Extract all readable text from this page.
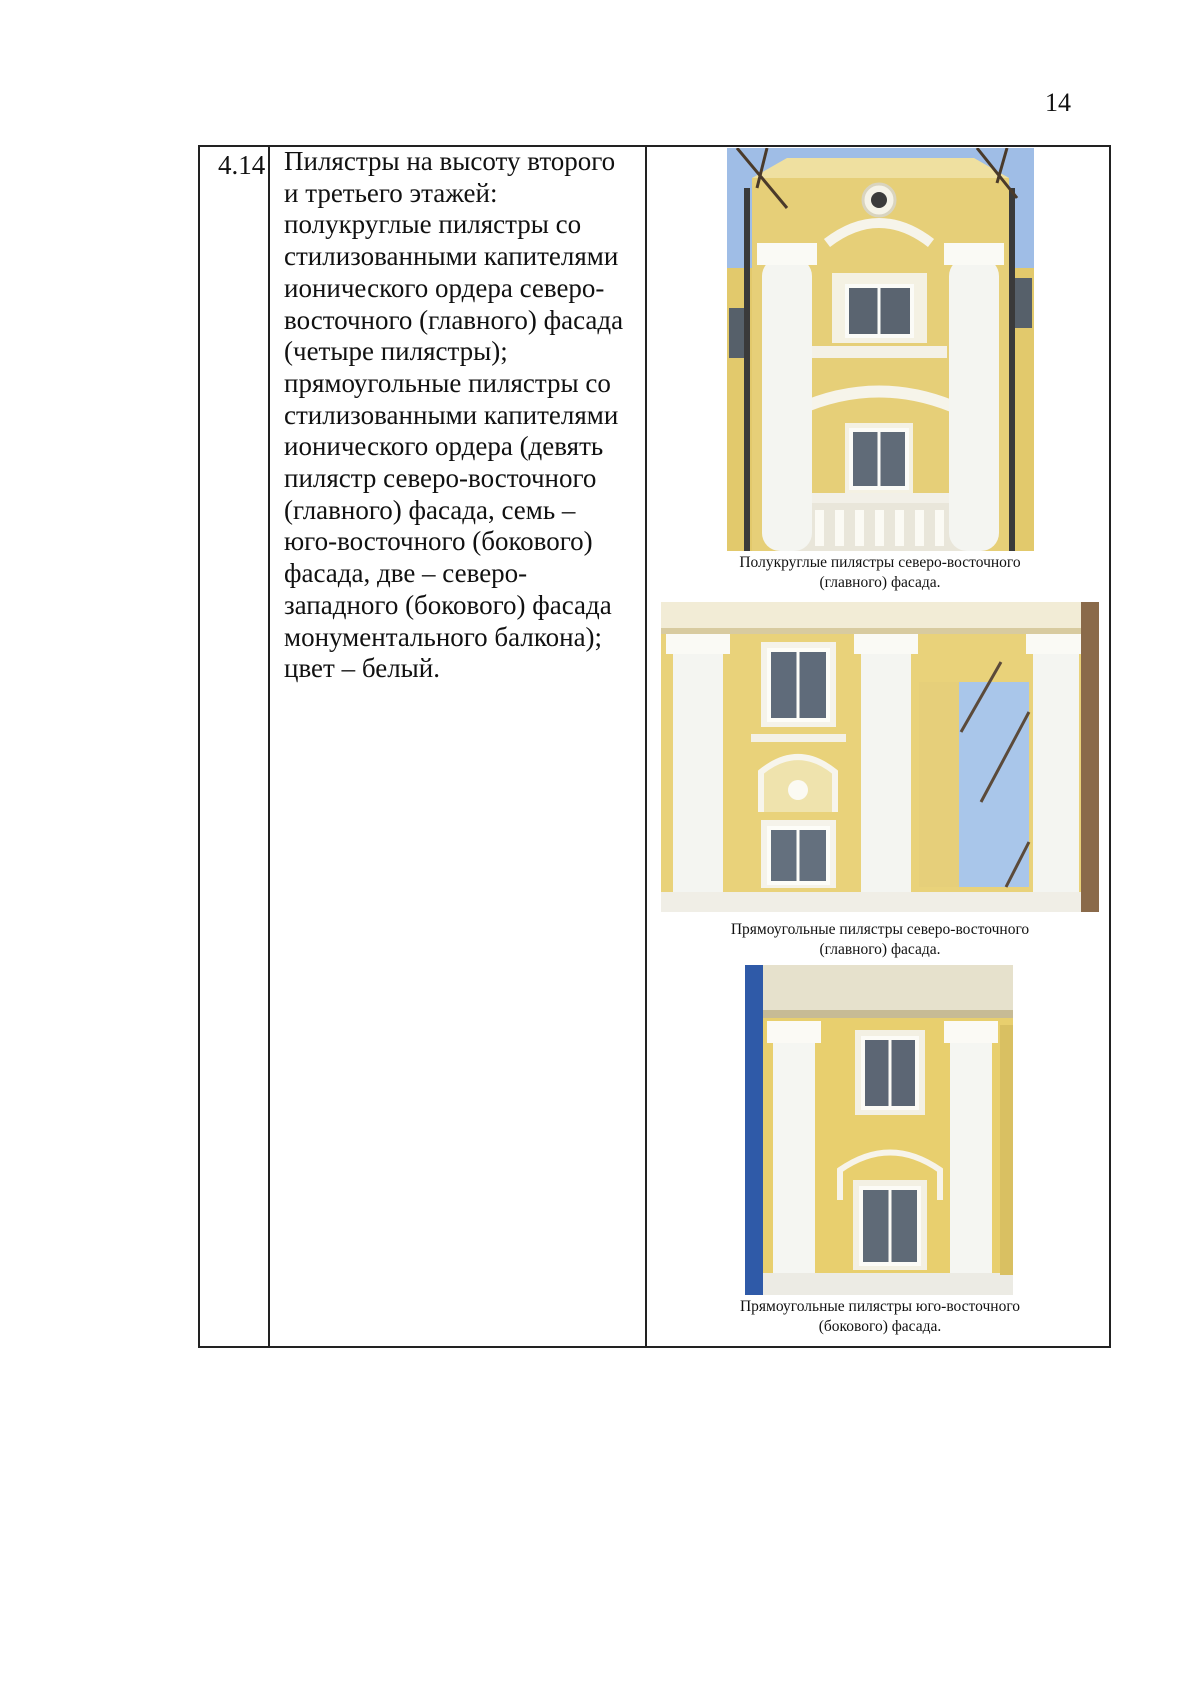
14
4.14 Пилястры на высоту второго

и третьего этажей:

полукруглые пилястры со

стилизованными капителями

ионического ордера северо-

восточного (главного) фасада

(четыре пилястры);

прямоугольные пилястры со

стилизованными капителями

ионического ордера (девять

пилястр северо-восточного

(главного) фасада, семь –

юго-восточного (бокового)

фасада, две – северо-

западного (бокового) фасада

монументального балкона);

цвет – белый.

Полукруглые пилястры северо-восточного
(главного) фасада.
Прямоугольные пилястры северо-восточного
(главного) фасада.
Прямоугольные пилястры юго-восточного
(бокового) фасада.
